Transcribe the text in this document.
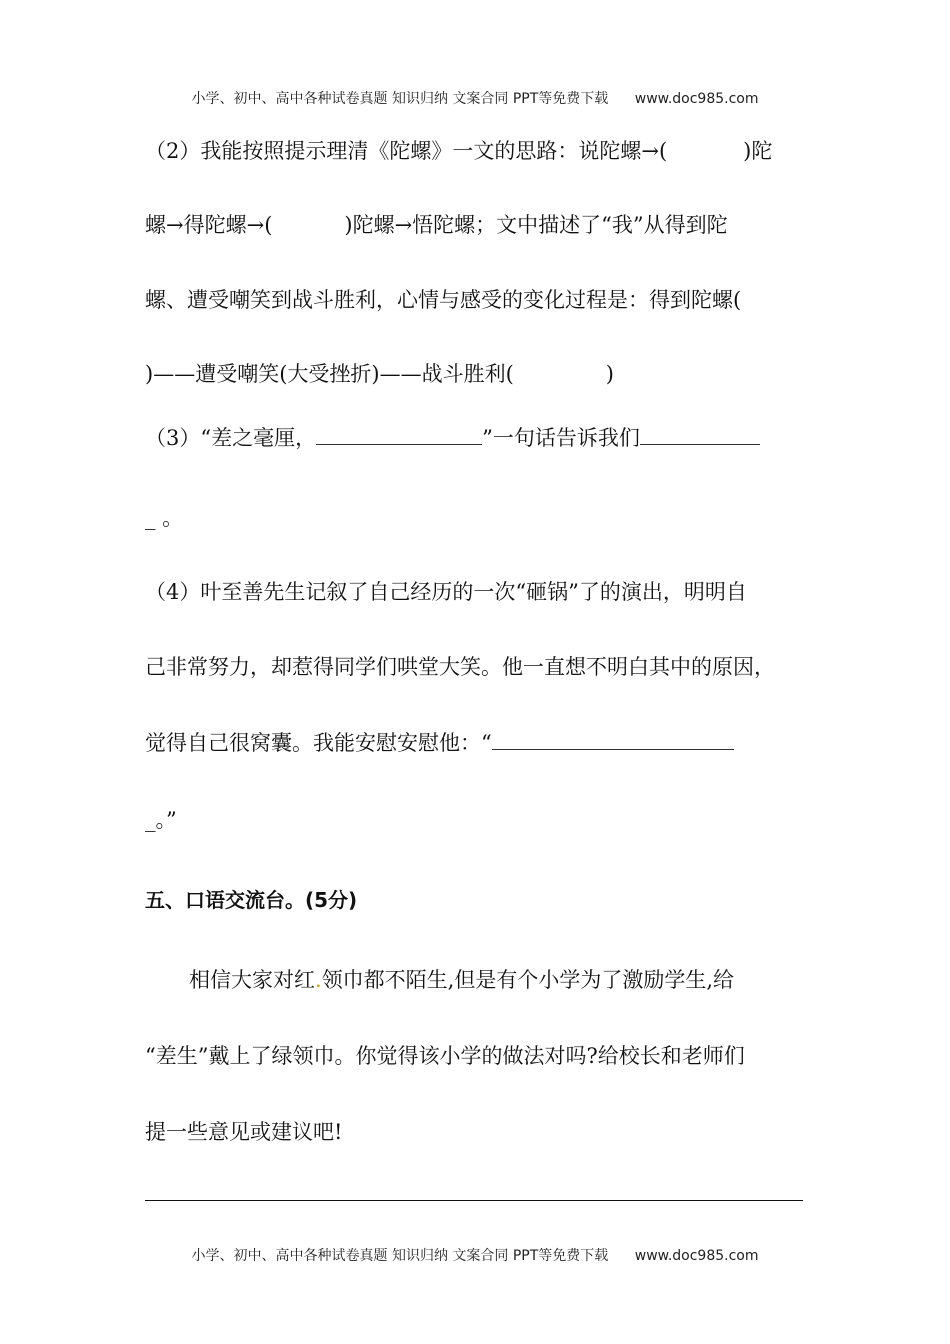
小学、初中、高中各种试卷真题 知识归纳 文案合同 PPT等免费下载 www.doc985.com
（2）我能按照提示理清《陀螺》一文的思路：说陀螺→(	)陀
螺→得陀螺→(	)陀螺→悟陀螺；文中描述了“我”从得到陀
螺、遭受嘲笑到战斗胜利，心情与感受的变化过程是：得到陀螺(
)——遭受嘲笑(大受挫折)——战斗胜利(	)
（3）“差之毫厘，	”一句话告诉我们
_ 。
（4）叶至善先生记叙了自己经历的一次“砸锅”了的演出，明明自
己非常努力，却惹得同学们哄堂大笑。他一直想不明白其中的原因，
觉得自己很窝囊。我能安慰安慰他：“
_。”
五、口语交流台。(5分)
相信大家对红.领巾都不陌生,但是有个小学为了激励学生,给
“差生”戴上了绿领巾。你觉得该小学的做法对吗?给校长和老师们
提一些意见或建议吧!
小学、初中、高中各种试卷真题 知识归纳 文案合同 PPT等免费下载 www.doc985.com
